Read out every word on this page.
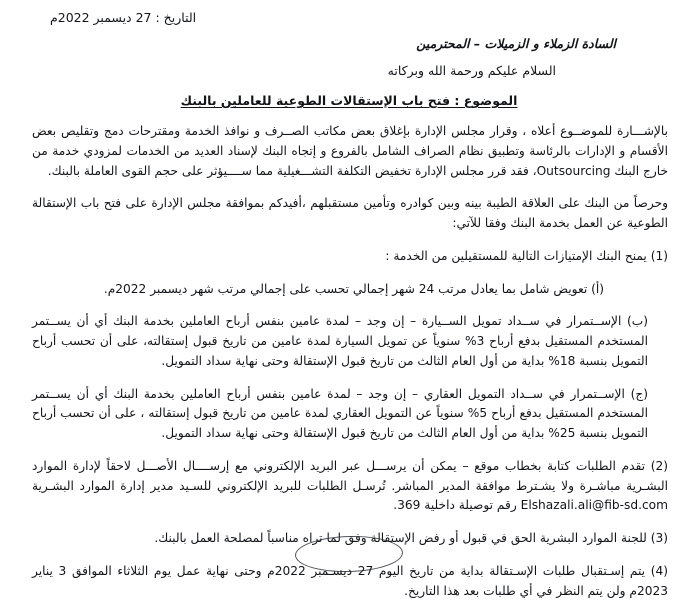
التاريخ : 27 ديسمبر 2022م
السادة الزملاء و الزميلات – المحترمين
السلام عليكم ورحمة الله وبركاته
الموضوع : فتح باب الإستقالات الطوعية للعاملين بالبنك
بالإشـــارة للموضــوع أعلاه ، وقرار مجلس الإدارة بإغلاق بعض مكاتب الصــرف و نوافذ الخدمة ومقترحات دمج وتقليص بعض الأقسام و الإدارات بالرئاسة وتطبيق نظام الصراف الشامل بالفروع و إتجاه البنك لإسناد العديد من الخدمات لمزودي خدمة من خارج البنك Outsourcing، فقد قرر مجلس الإدارة تخفيض التكلفة التشـــغيلية مما ســــيؤثر على حجم القوى العاملة بالبنك.
وحرصاً من البنك على العلاقة الطيبة بينه وبين كوادره وتأمين مستقبلهم ،أفيدكم بموافقة مجلس الإدارة على فتح باب الإستقالة الطوعية عن العمل بخدمة البنك وفقا للآتي:
(1) يمنح البنك الإمتيازات التالية للمستقيلين من الخدمة :
(أ) تعويض شامل بما يعادل مرتب 24 شهر إجمالي تحسب على إجمالي مرتب شهر ديسمبر 2022م.
(ب) الإســتمرار في ســداد تمويل الســيارة – إن وجد – لمدة عامين بنفس أرباح العاملين بخدمة البنك أي أن يســتمر المستخدم المستقيل بدفع أرباح 3% سنوياً عن تمويل السيارة لمدة عامين من تاريخ قبول إستقالته، على أن تحسب أرباح التمويل بنسبة 18% بداية من أول العام الثالث من تاريخ قبول الإستقالة وحتى نهاية سداد التمويل.
(ج) الإســتمرار في ســداد التمويل العقاري – إن وجد – لمدة عامين بنفس أرباح العاملين بخدمة البنك أي أن يســتمر المستخدم المستقيل بدفع أرباح 5% سنوياً عن التمويل العقاري لمدة عامين من تاريخ قبول إستقالته ، على أن تحسب أرباح التمويل بنسبة 25% بداية من أول العام الثالث من تاريخ قبول الإستقالة وحتى نهاية سداد التمويل.
(2) تقدم الطلبات كتابة بخطاب موقع – يمكن أن يرســـل عبر البريد الإلكتروني مع إرســــال الأصـــل لاحقاً لإدارة الموارد البشـرية مباشـرة ولا يشـترط موافقة المدير المباشر. تُرسـل الطلبات للبريد الإلكتروني للسـيد مدير إدارة الموارد البشـرية Elshazali.ali@fib-sd.com رقم توصيلة داخلية 369.
(3) للجنة الموارد البشرية الحق في قبول أو رفض الإستقالة وفق لما تراه مناسباً لمصلحة العمل بالبنك.
(4) يتم إسـتقبال طلبات الإسـتقالة بداية من تاريخ اليوم 27 ديسـمبر 2022م وحتى نهاية عمل يوم الثلاثاء الموافق 3 يناير 2023م ولن يتم النظر في أي طلبات بعد هذا التاريخ.
